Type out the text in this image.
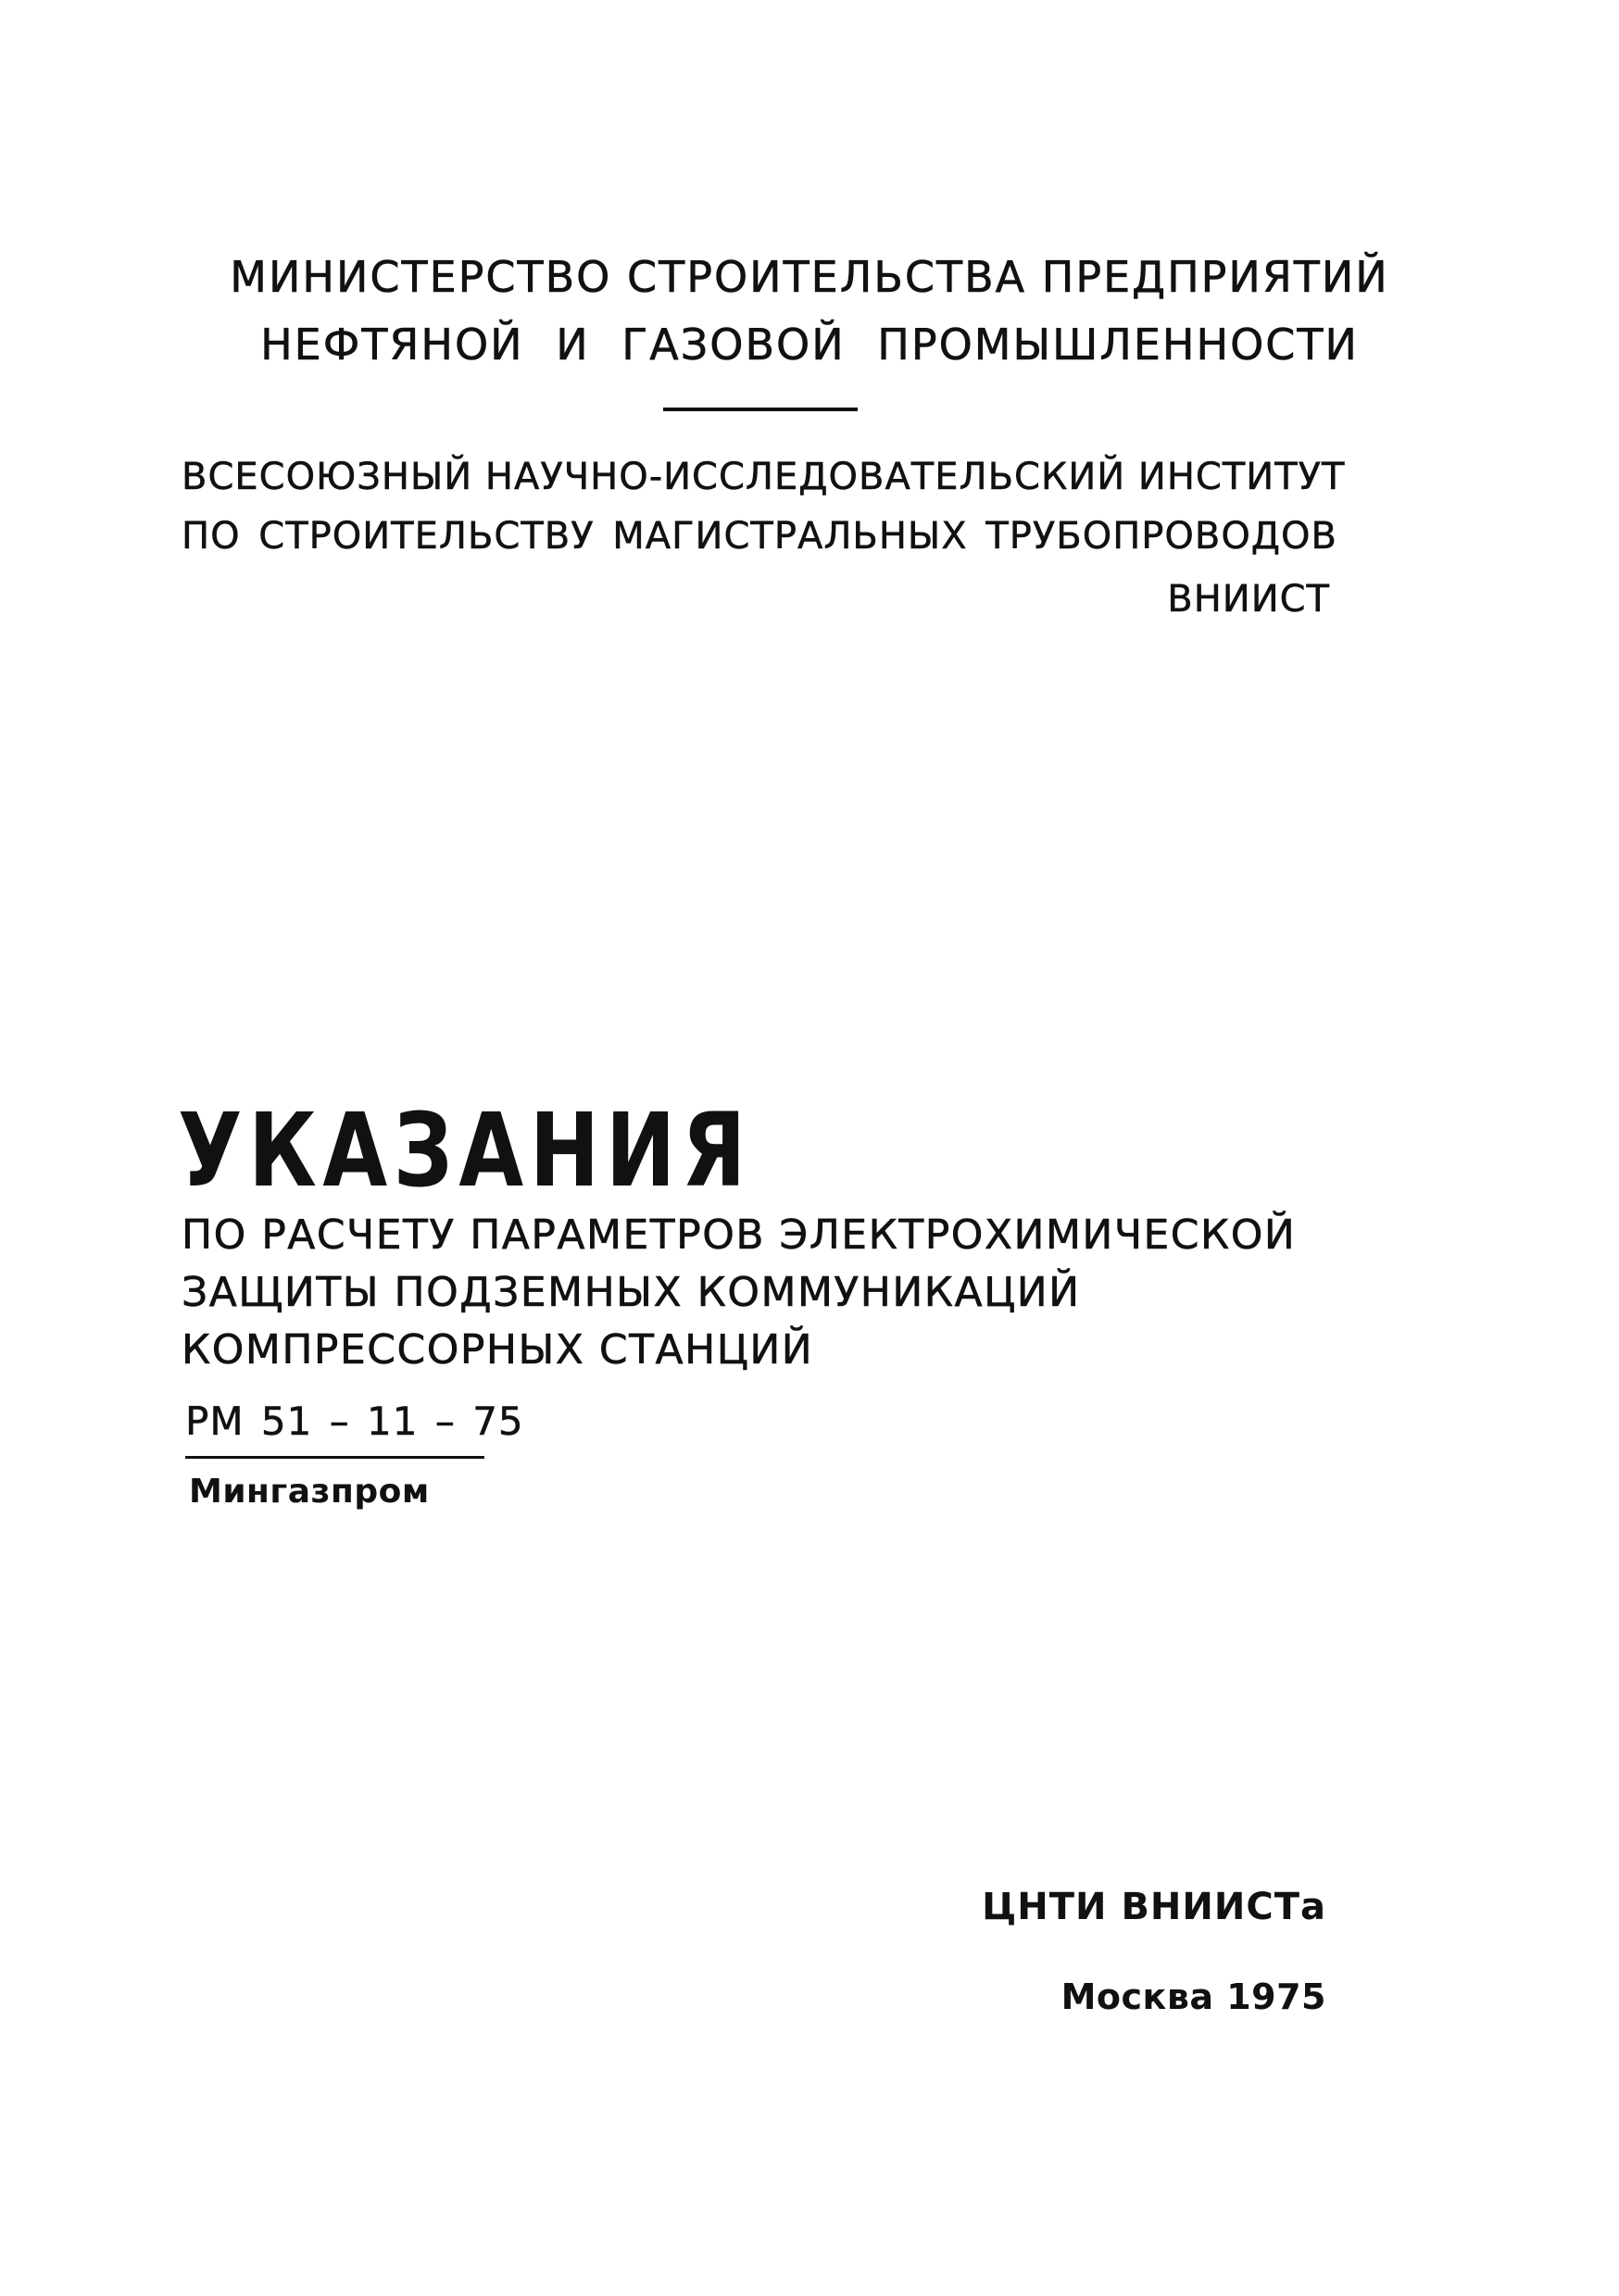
МИНИСТЕРСТВО СТРОИТЕЛЬСТВА ПРЕДПРИЯТИЙ
НЕФТЯНОЙ И ГАЗОВОЙ ПРОМЫШЛЕННОСТИ
ВСЕСОЮЗНЫЙ НАУЧНО-ИССЛЕДОВАТЕЛЬСКИЙ ИНСТИТУТ
ПО СТРОИТЕЛЬСТВУ МАГИСТРАЛЬНЫХ ТРУБОПРОВОДОВ
ВНИИСТ
УКАЗАНИЯ
ПО РАСЧЕТУ ПАРАМЕТРОВ ЭЛЕКТРОХИМИЧЕСКОЙ
ЗАЩИТЫ ПОДЗЕМНЫХ КОММУНИКАЦИЙ
КОМПРЕССОРНЫХ СТАНЦИЙ
РМ 51 – 11 – 75
Мингазпром
ЦНТИ ВНИИСТа
Москва 1975
